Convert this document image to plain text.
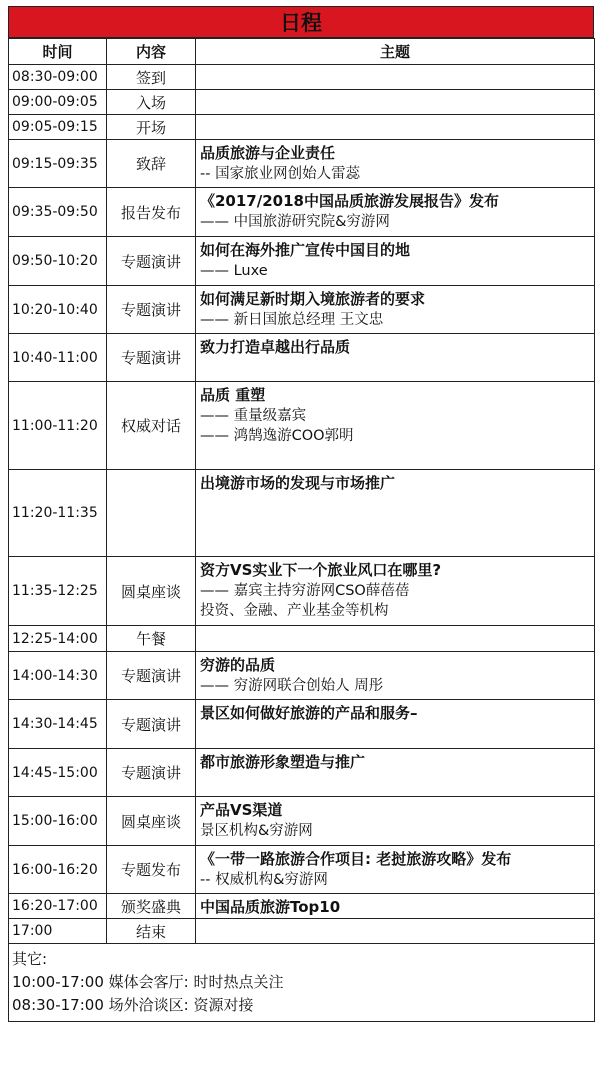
日程
时间	内容	主题
08:30-09:00	签到	
09:00-09:05	入场	
09:05-09:15	开场	
09:15-09:35	致辞	品质旅游与企业责任
-- 国家旅业网创始人雷蕊

09:35-09:50	报告发布	《2017/2018中国品质旅游发展报告》发布
—— 中国旅游研究院&穷游网

09:50-10:20	专题演讲	如何在海外推广宣传中国目的地
—— Luxe

10:20-10:40	专题演讲	如何满足新时期入境旅游者的要求
—— 新日国旅总经理 王文忠

10:40-11:00	专题演讲	致力打造卓越出行品质

11:00-11:20	权威对话	品质 重塑
—— 重量级嘉宾
—— 鸿鹄逸游COO郭明

11:20-11:35		出境游市场的发现与市场推广

11:35-12:25	圆桌座谈	资方VS实业下一个旅业风口在哪里?
—— 嘉宾主持穷游网CSO薛蓓蓓
投资、金融、产业基金等机构

12:25-14:00	午餐	
14:00-14:30	专题演讲	穷游的品质
—— 穷游网联合创始人 周彤

14:30-14:45	专题演讲	景区如何做好旅游的产品和服务–

14:45-15:00	专题演讲	都市旅游形象塑造与推广

15:00-16:00	圆桌座谈	产品VS渠道
景区机构&穷游网

16:00-16:20	专题发布	《一带一路旅游合作项目: 老挝旅游攻略》发布
-- 权威机构&穷游网

16:20-17:00	颁奖盛典	中国品质旅游Top10

17:00	结束	

其它:
10:00-17:00 媒体会客厅: 时时热点关注
08:30-17:00 场外洽谈区: 资源对接		
